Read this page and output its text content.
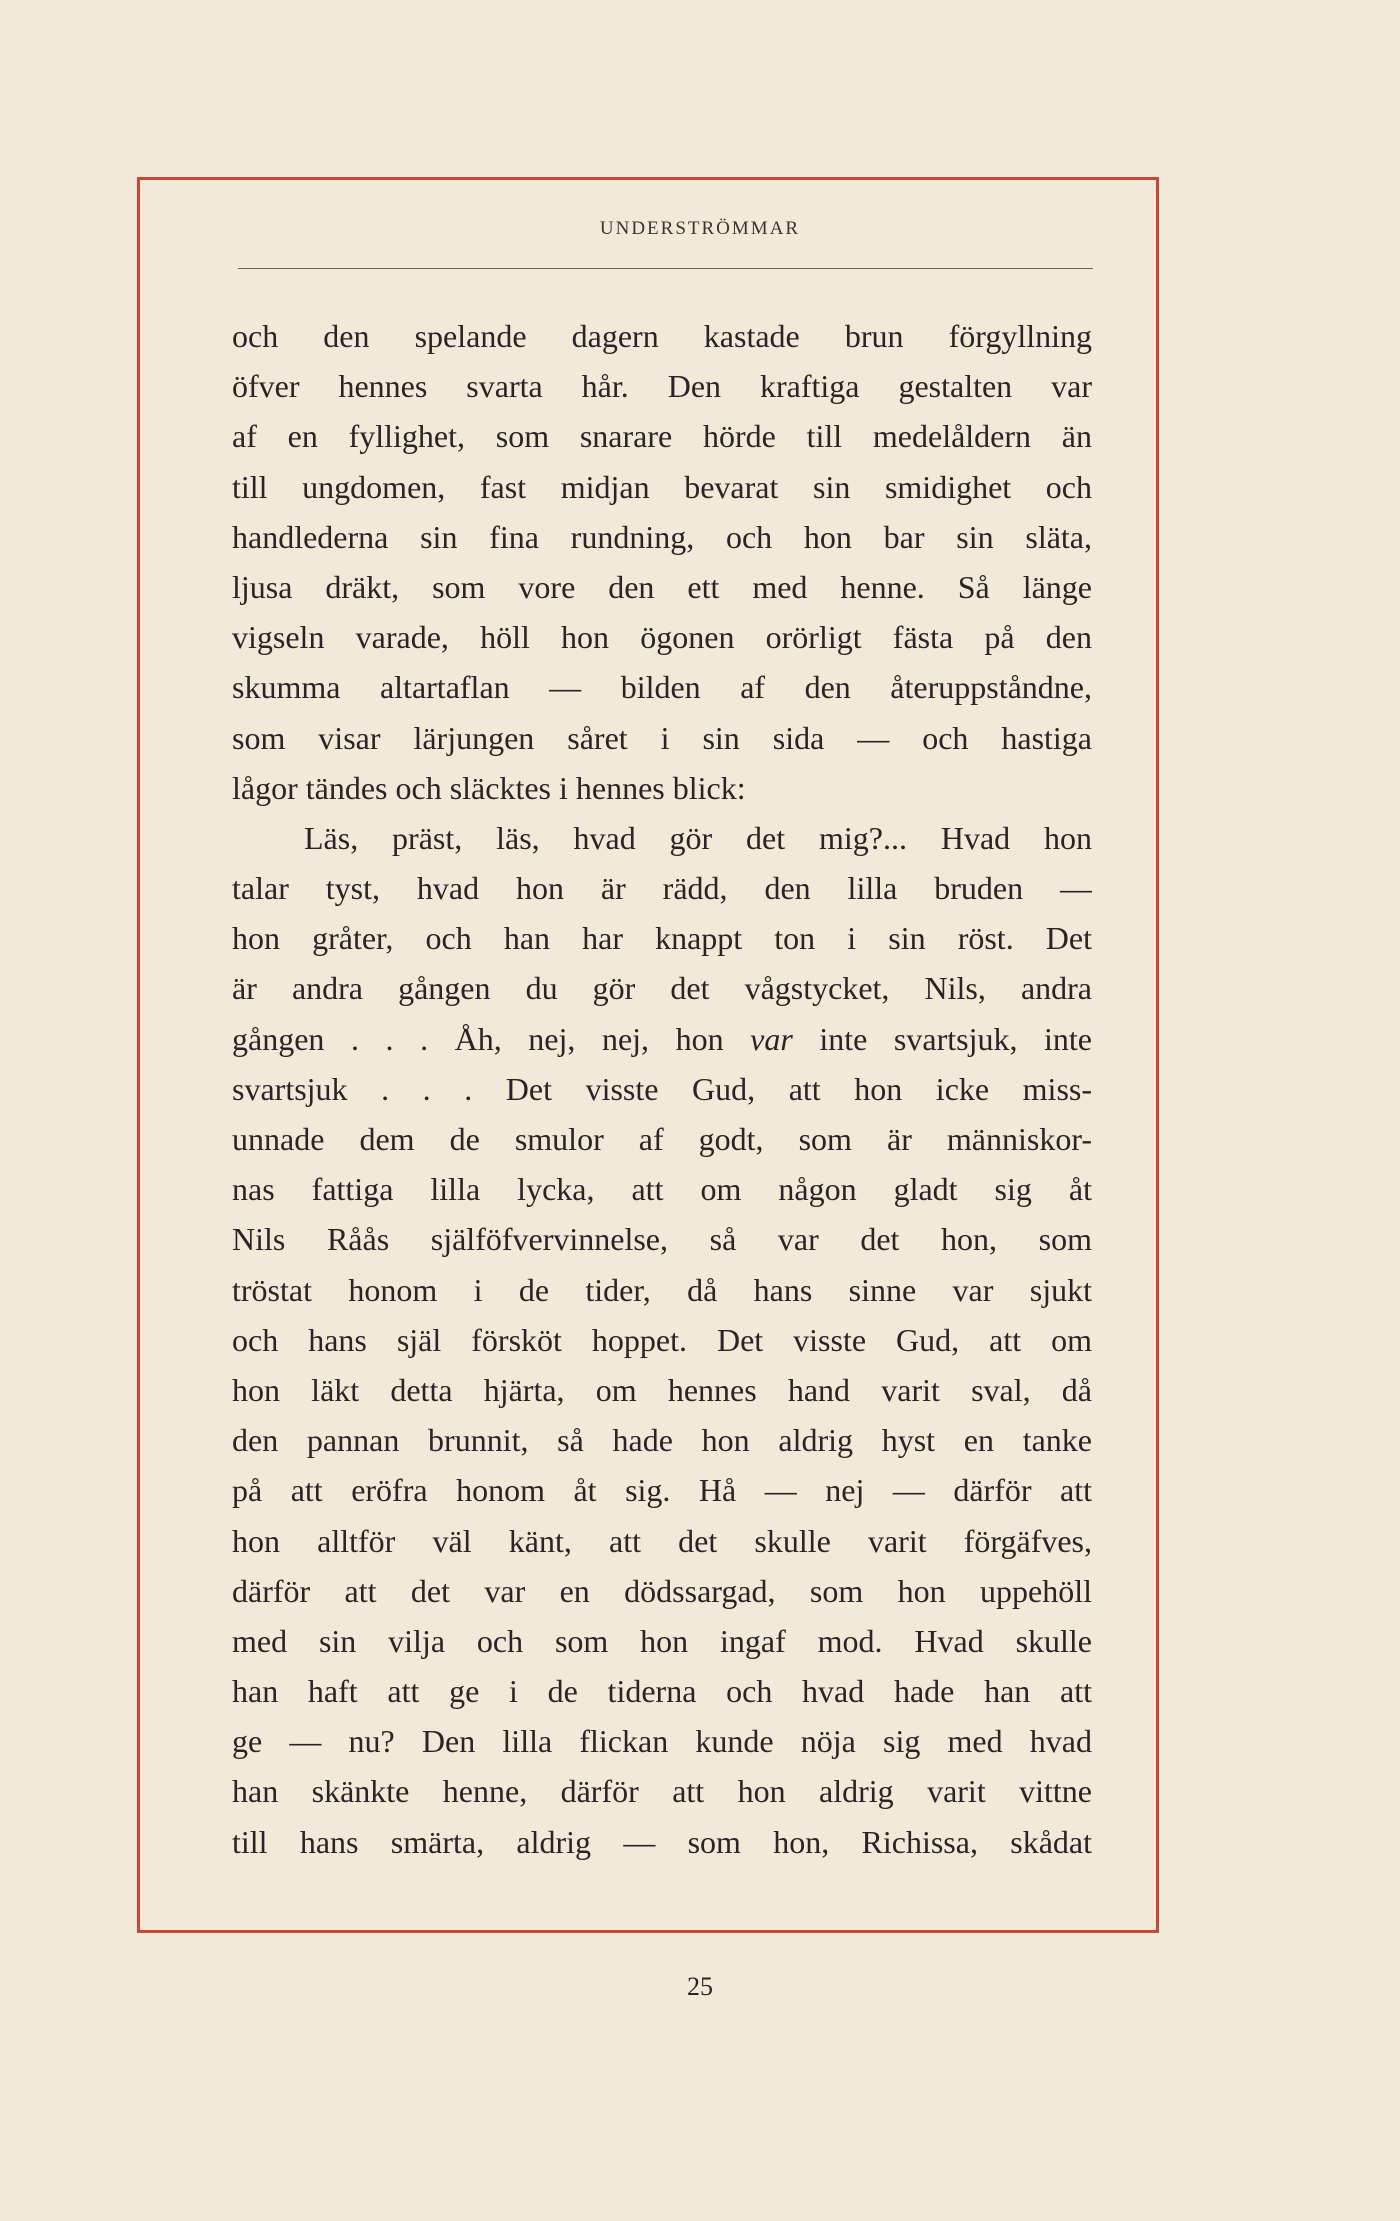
UNDERSTRÖMMAR
och den spelande dagern kastade brun förgyllning
öfver hennes svarta hår. Den kraftiga gestalten var
af en fyllighet, som snarare hörde till medelåldern än
till ungdomen, fast midjan bevarat sin smidighet och
handlederna sin fina rundning, och hon bar sin släta,
ljusa dräkt, som vore den ett med henne. Så länge
vigseln varade, höll hon ögonen orörligt fästa på den
skumma altartaflan — bilden af den återuppståndne,
som visar lärjungen såret i sin sida — och hastiga
lågor tändes och släcktes i hennes blick:
Läs, präst, läs, hvad gör det mig?... Hvad hon
talar tyst, hvad hon är rädd, den lilla bruden —
hon gråter, och han har knappt ton i sin röst. Det
är andra gången du gör det vågstycket, Nils, andra
gången . . . Åh, nej, nej, hon var inte svartsjuk, inte
svartsjuk . . . Det visste Gud, att hon icke miss-
unnade dem de smulor af godt, som är människor-
nas fattiga lilla lycka, att om någon gladt sig åt
Nils Råås själföfvervinnelse, så var det hon, som
tröstat honom i de tider, då hans sinne var sjukt
och hans själ försköt hoppet. Det visste Gud, att om
hon läkt detta hjärta, om hennes hand varit sval, då
den pannan brunnit, så hade hon aldrig hyst en tanke
på att eröfra honom åt sig. Hå — nej — därför att
hon alltför väl känt, att det skulle varit förgäfves,
därför att det var en dödssargad, som hon uppehöll
med sin vilja och som hon ingaf mod. Hvad skulle
han haft att ge i de tiderna och hvad hade han att
ge — nu? Den lilla flickan kunde nöja sig med hvad
han skänkte henne, därför att hon aldrig varit vittne
till hans smärta, aldrig — som hon, Richissa, skådat
25
